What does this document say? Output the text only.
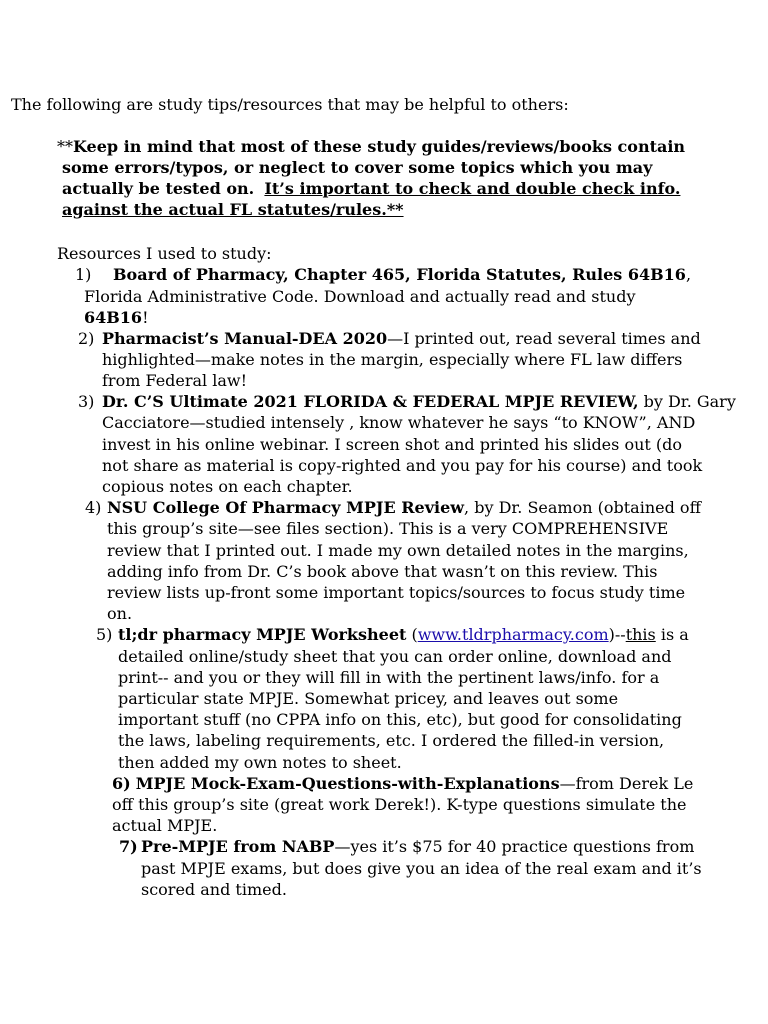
The following are study tips/resources that may be helpful to others:
**Keep in mind that most of these study guides/reviews/books contain
some errors/typos, or neglect to cover some topics which you may
actually be tested on. It’s important to check and double check info.
against the actual FL statutes/rules.**
Resources I used to study:
1) Board of Pharmacy, Chapter 465, Florida Statutes, Rules 64B16,
Florida Administrative Code. Download and actually read and study
64B16!
2) Pharmacist’s Manual-DEA 2020—I printed out, read several times and
highlighted—make notes in the margin, especially where FL law differs
from Federal law!
3) Dr. C’S Ultimate 2021 FLORIDA & FEDERAL MPJE REVIEW, by Dr. Gary
Cacciatore—studied intensely , know whatever he says “to KNOW”, AND
invest in his online webinar. I screen shot and printed his slides out (do
not share as material is copy-righted and you pay for his course) and took
copious notes on each chapter.
4) NSU College Of Pharmacy MPJE Review, by Dr. Seamon (obtained off
this group’s site—see files section). This is a very COMPREHENSIVE
review that I printed out. I made my own detailed notes in the margins,
adding info from Dr. C’s book above that wasn’t on this review. This
review lists up-front some important topics/sources to focus study time
on.
5) tl;dr pharmacy MPJE Worksheet (www.tldrpharmacy.com)--this is a
detailed online/study sheet that you can order online, download and
print-- and you or they will fill in with the pertinent laws/info. for a
particular state MPJE. Somewhat pricey, and leaves out some
important stuff (no CPPA info on this, etc), but good for consolidating
the laws, labeling requirements, etc. I ordered the filled-in version,
then added my own notes to sheet.
6) MPJE Mock-Exam-Questions-with-Explanations—from Derek Le
off this group’s site (great work Derek!). K-type questions simulate the
actual MPJE.
7) Pre-MPJE from NABP—yes it’s $75 for 40 practice questions from
past MPJE exams, but does give you an idea of the real exam and it’s
scored and timed.
